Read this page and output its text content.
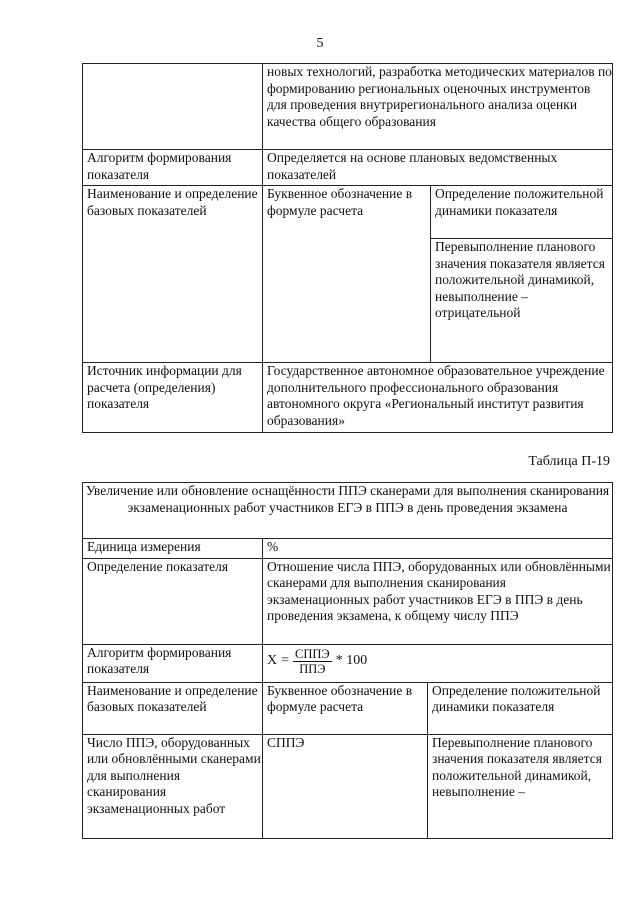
5
	новых технологий, разработка методических материалов по формированию региональных оценочных инструментов для проведения внутрирегионального анализа оценки качества общего образования	
Алгоритм формирования показателя	Определяется на основе плановых ведомственных показателей	
Наименование и определение базовых показателей	Буквенное обозначение в формуле расчета	Определение положительной динамики показателя
		Перевыполнение планового значения показателя является положительной динамикой, невыполнение – отрицательной
Источник информации для расчета (определения) показателя	Государственное автономное образовательное учреждение дополнительного профессионального образования автономного округа «Региональный институт развития образования»	
Таблица П-19
Увеличение или обновление оснащённости ППЭ сканерами для выполнения сканирования экзаменационных работ участников ЕГЭ в ППЭ в день проведения экзамена		
Единица измерения	%	
Определение показателя	Отношение числа ППЭ, оборудованных или обновлёнными сканерами для выполнения сканирования экзаменационных работ участников ЕГЭ в ППЭ в день проведения экзамена, к общему числу ППЭ	
Алгоритм формирования показателя	$X = \frac{\text{СППЭ}}{\text{ППЭ}} * 100$	

Наименование и определение базовых показателей	Буквенное обозначение в формуле расчета	Определение положительной динамики показателя
Число ППЭ, оборудованных или обновлёнными сканерами для выполнения сканирования экзаменационных работ	СППЭ	Перевыполнение планового значения показателя является положительной динамикой, невыполнение –
